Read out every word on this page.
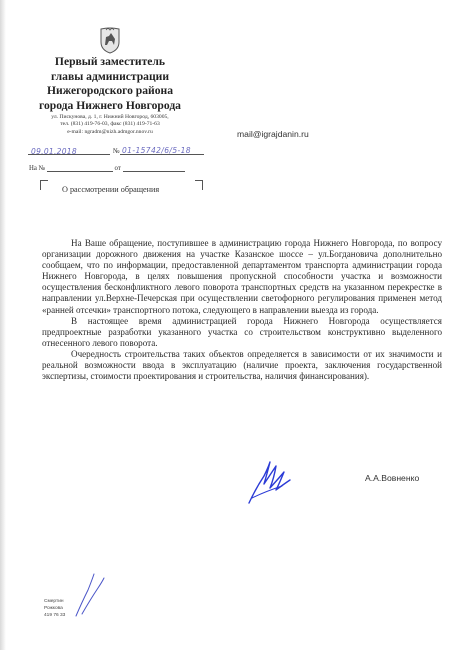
Первый заместитель
главы администрации
Нижегородского района
города Нижнего Новгорода
ул. Пискунова, д. 1, г. Нижний Новгород, 603005,
тел. (831) 419-76-03, факс (831) 419-71-63
e-mail: ngradm@nizh.admgor.nnov.ru	mail@igrajdanin.ru
09.01.2018	№ 01-15742/6/5-18
На №	от
О рассмотрении обращения

На Ваше обращение, поступившее в администрацию города Нижнего Новгорода, по вопросу организации дорожного движения на участке Казанское шоссе – ул.Богдановича дополнительно сообщаем, что по информации, предоставленной департаментом транспорта администрации города Нижнего Новгорода, в целях повышения пропускной способности участка и возможности осуществления бесконфликтного левого поворота транспортных средств на указанном перекрестке в направлении ул.Верхне-Печерская при осуществлении светофорного регулирования применен метод «ранней отсечки» транспортного потока, следующего в направлении выезда из города.

В настоящее время администрацией города Нижнего Новгорода осуществляется предпроектные разработки указанного участка со строительством конструктивно выделенного отнесенного левого поворота.

Очередность строительства таких объектов определяется в зависимости от их значимости и реальной возможности ввода в эксплуатацию (наличие проекта, заключения государственной экспертизы, стоимости проектирования и строительства, наличия финансирования).

А.А.Вовненко
Смертин
Рожкова
419 76 33
